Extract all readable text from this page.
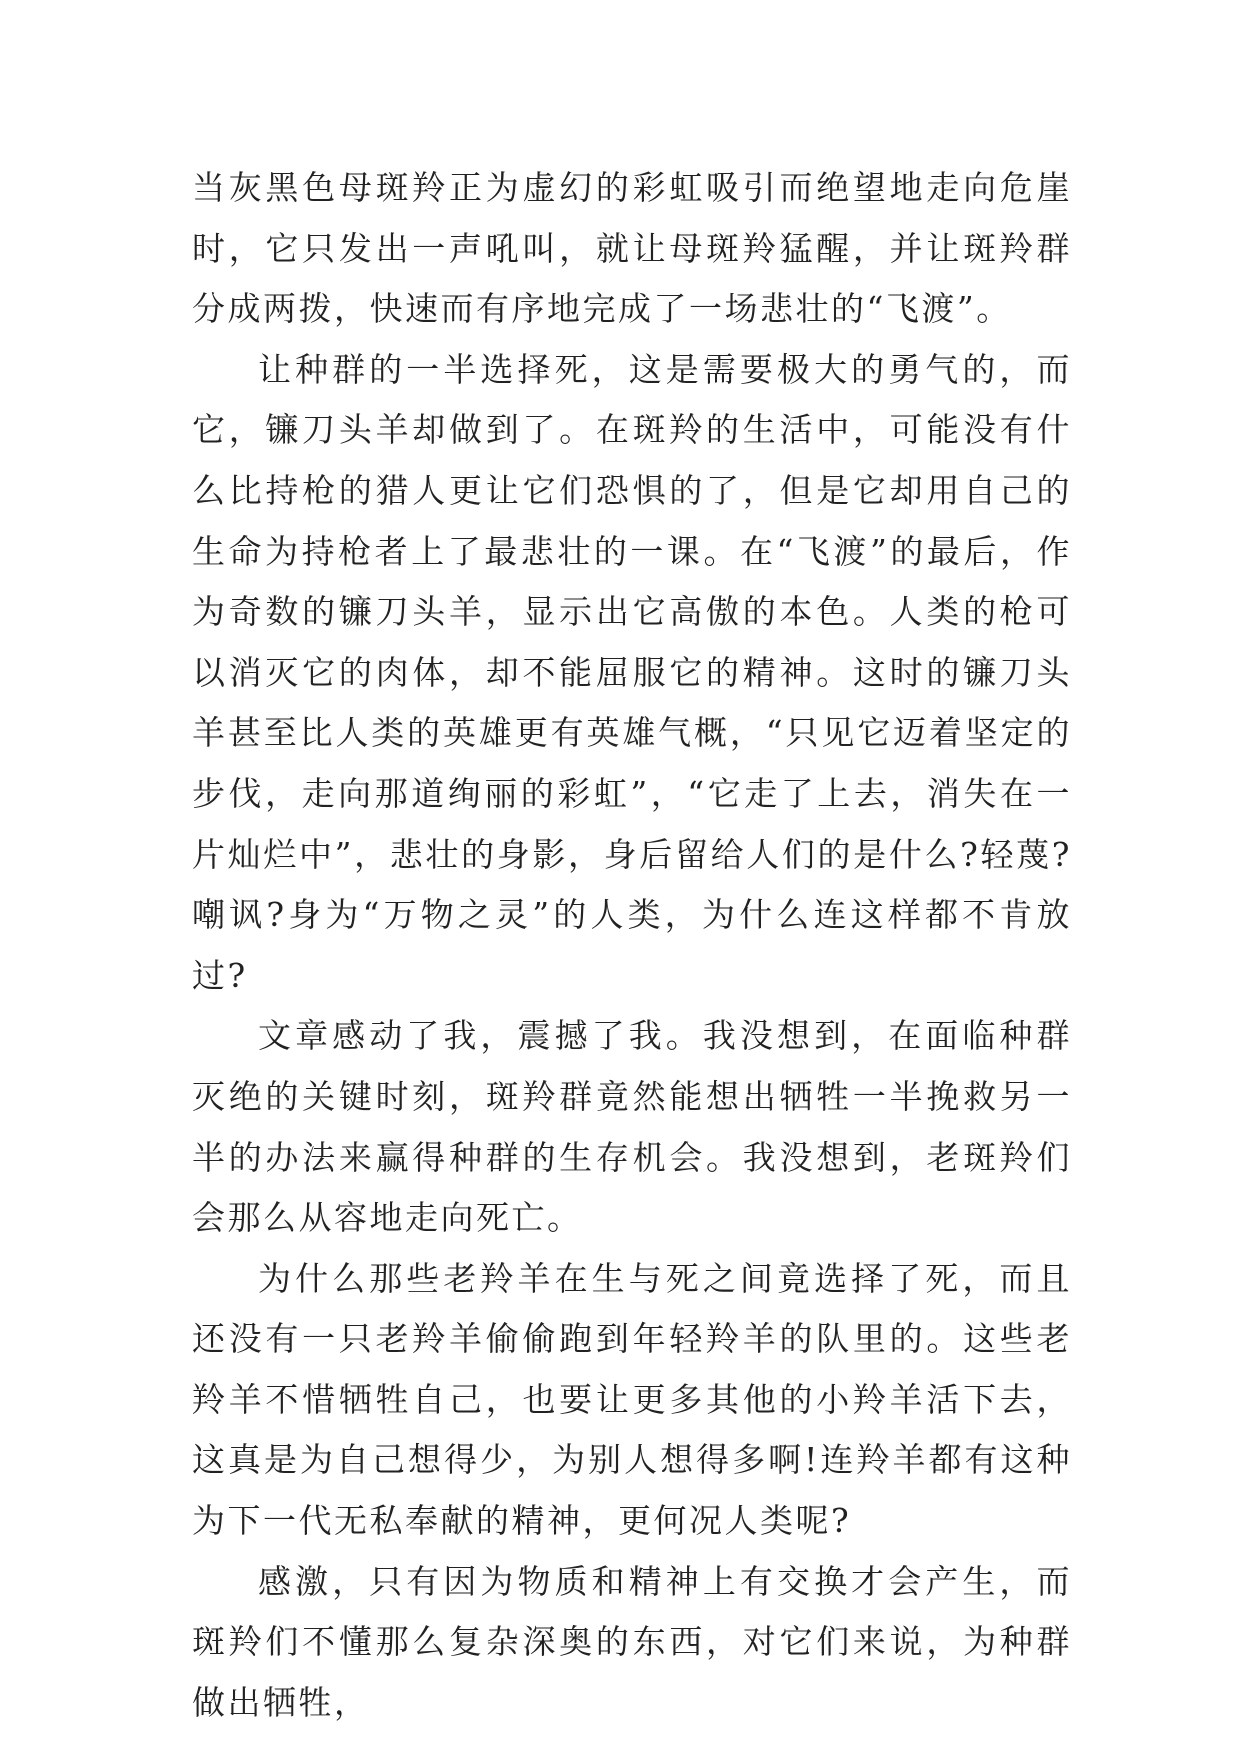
当灰黑色母斑羚正为虚幻的彩虹吸引而绝望地走向危崖时，它只发出一声吼叫，就让母斑羚猛醒，并让斑羚群分成两拨，快速而有序地完成了一场悲壮的“飞渡”。

让种群的一半选择死，这是需要极大的勇气的，而它，镰刀头羊却做到了。在斑羚的生活中，可能没有什么比持枪的猎人更让它们恐惧的了，但是它却用自己的生命为持枪者上了最悲壮的一课。在“飞渡”的最后，作为奇数的镰刀头羊，显示出它高傲的本色。人类的枪可以消灭它的肉体，却不能屈服它的精神。这时的镰刀头羊甚至比人类的英雄更有英雄气概，“只见它迈着坚定的步伐，走向那道绚丽的彩虹”，“它走了上去，消失在一片灿烂中”，悲壮的身影，身后留给人们的是什么?轻蔑?嘲讽?身为“万物之灵”的人类，为什么连这样都不肯放过?

文章感动了我，震撼了我。我没想到，在面临种群灭绝的关键时刻，斑羚群竟然能想出牺牲一半挽救另一半的办法来赢得种群的生存机会。我没想到，老斑羚们会那么从容地走向死亡。

为什么那些老羚羊在生与死之间竟选择了死，而且还没有一只老羚羊偷偷跑到年轻羚羊的队里的。这些老羚羊不惜牺牲自己，也要让更多其他的小羚羊活下去，这真是为自己想得少，为别人想得多啊!连羚羊都有这种为下一代无私奉献的精神，更何况人类呢?

感激，只有因为物质和精神上有交换才会产生，而斑羚们不懂那么复杂深奥的东西，对它们来说，为种群做出牺牲，
